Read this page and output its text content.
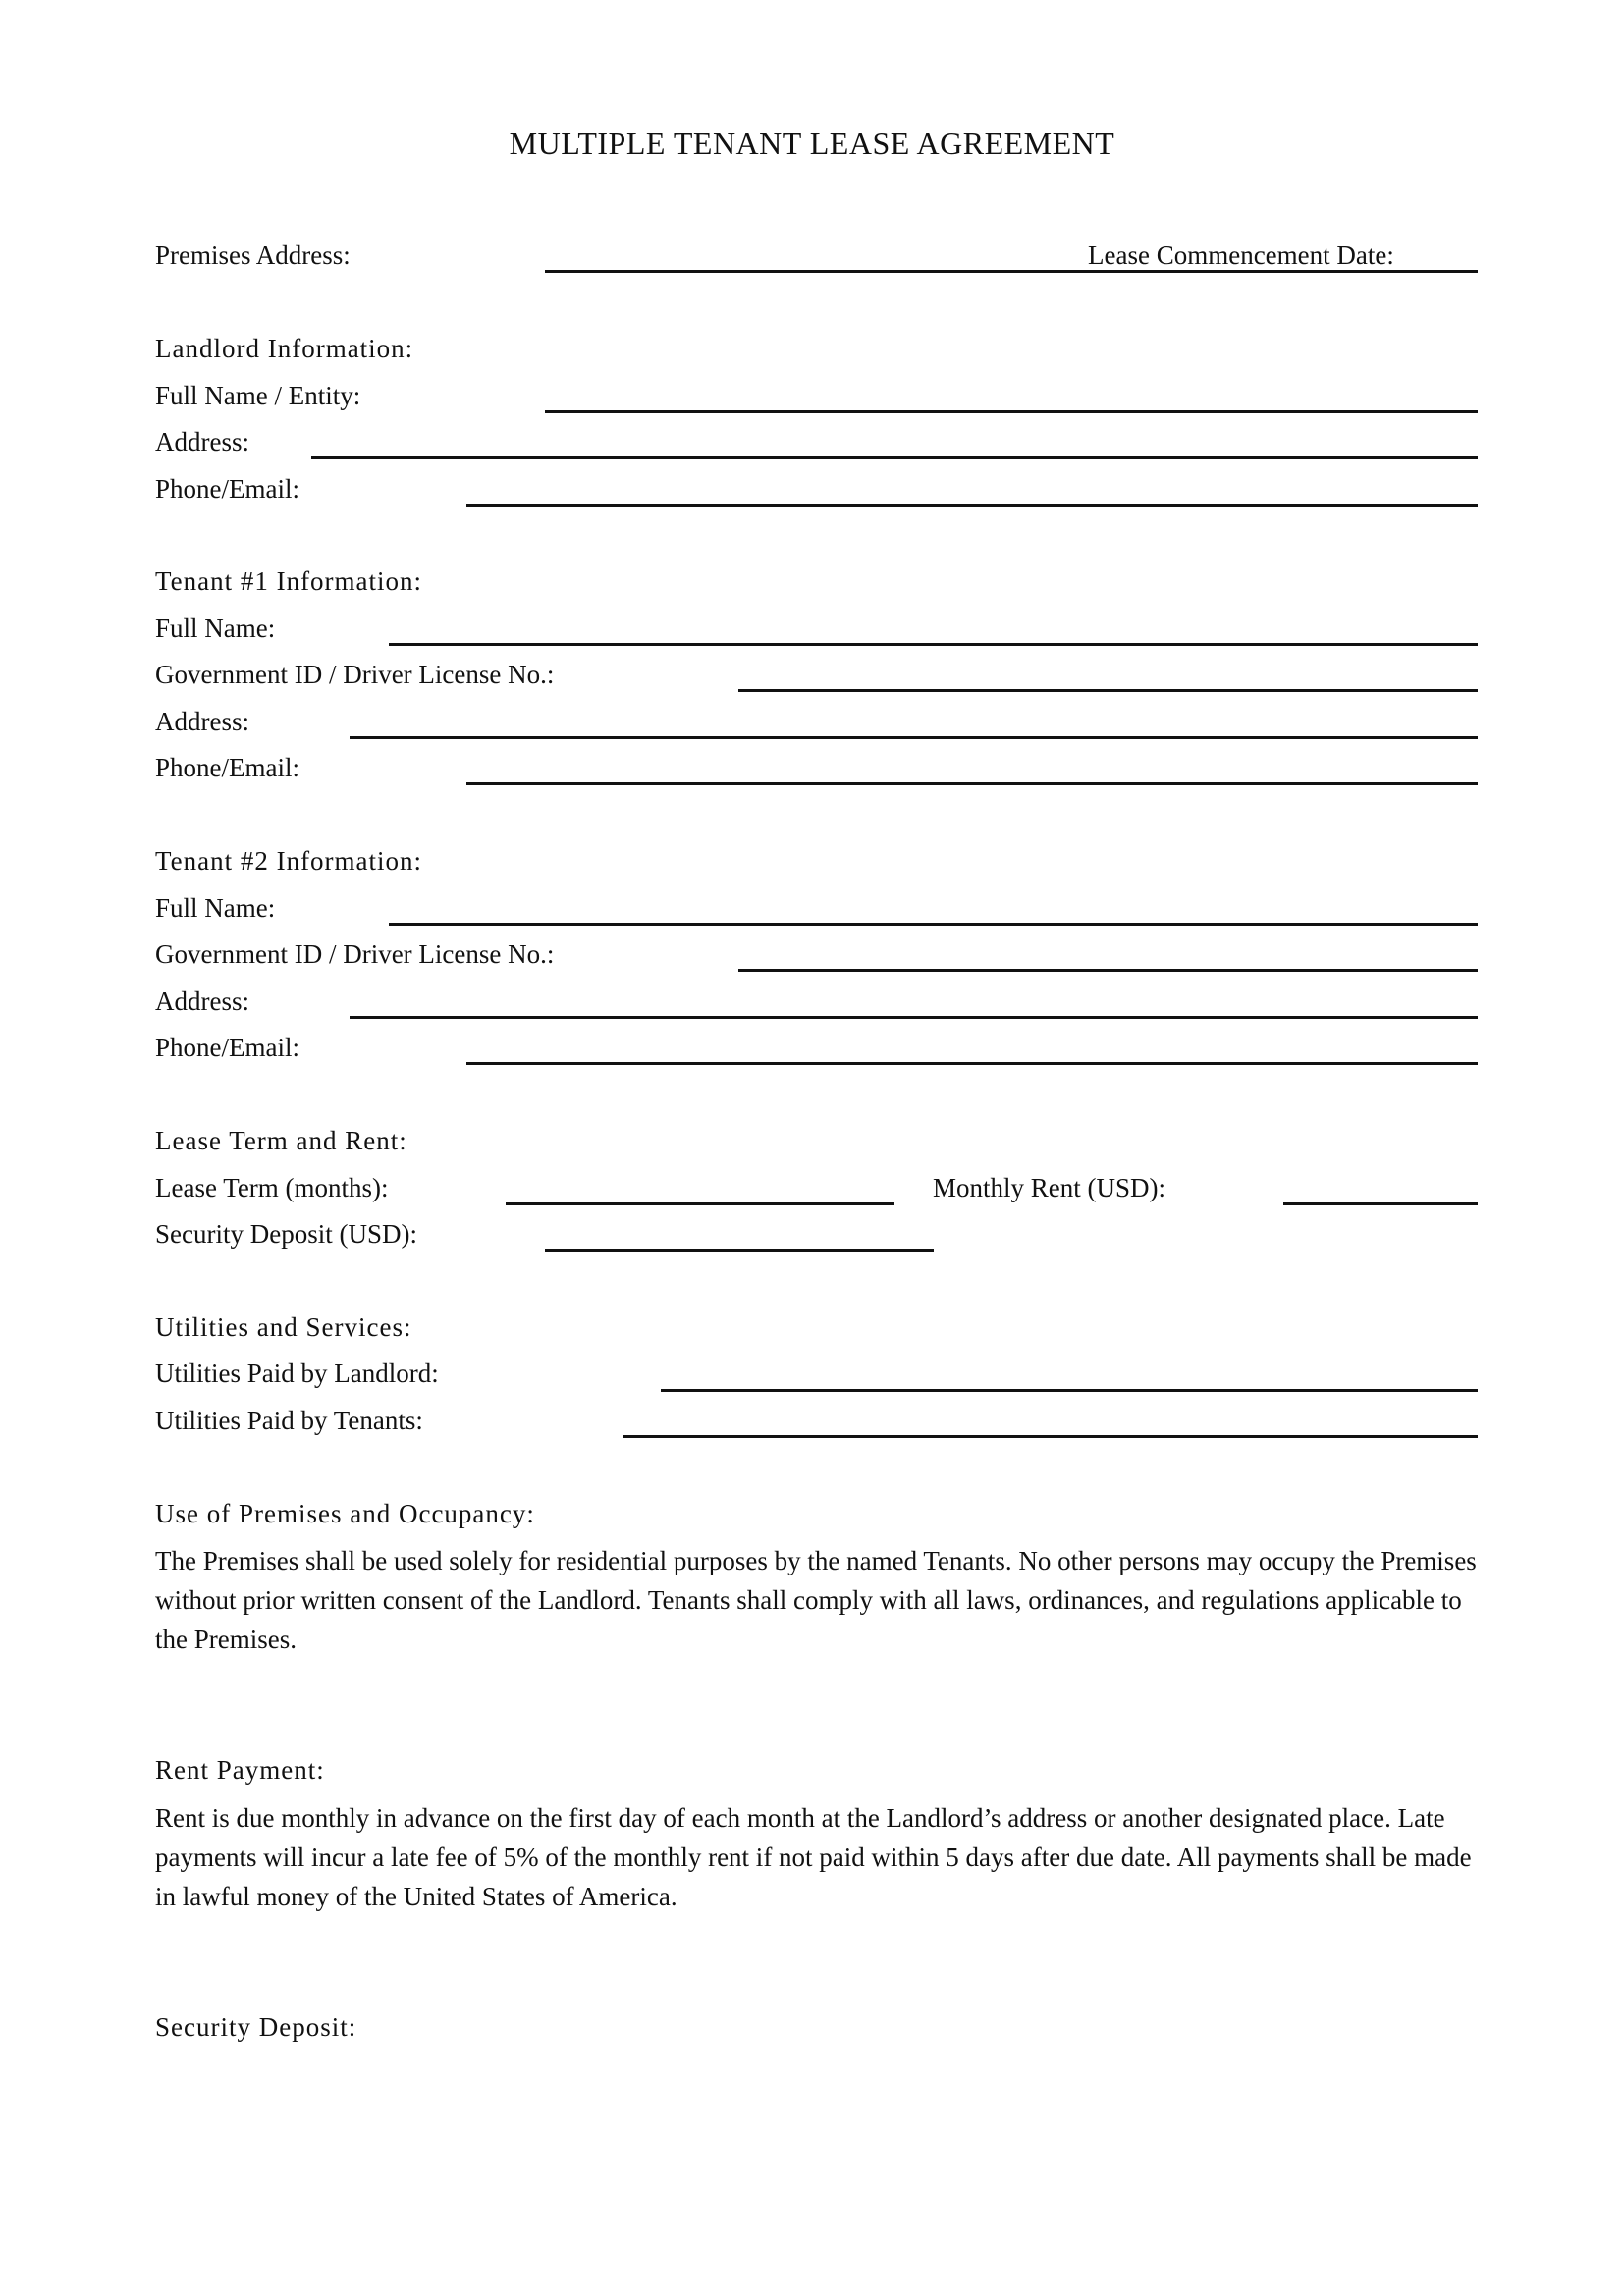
MULTIPLE TENANT LEASE AGREEMENT
Premises Address:	Lease Commencement Date:
Landlord Information:
Full Name / Entity:
Address:
Phone/Email:
Tenant #1 Information:
Full Name:
Government ID / Driver License No.:
Address:
Phone/Email:
Tenant #2 Information:
Full Name:
Government ID / Driver License No.:
Address:
Phone/Email:
Lease Term and Rent:
Lease Term (months):	Monthly Rent (USD):
Security Deposit (USD):
Utilities and Services:
Utilities Paid by Landlord:
Utilities Paid by Tenants:
Use of Premises and Occupancy:
The Premises shall be used solely for residential purposes by the named Tenants. No other persons may occupy the Premises without prior written consent of the Landlord. Tenants shall comply with all laws, ordinances, and regulations applicable to the Premises.
Rent Payment:
Rent is due monthly in advance on the first day of each month at the Landlord’s address or another designated place. Late payments will incur a late fee of 5% of the monthly rent if not paid within 5 days after due date. All payments shall be made in lawful money of the United States of America.
Security Deposit:
